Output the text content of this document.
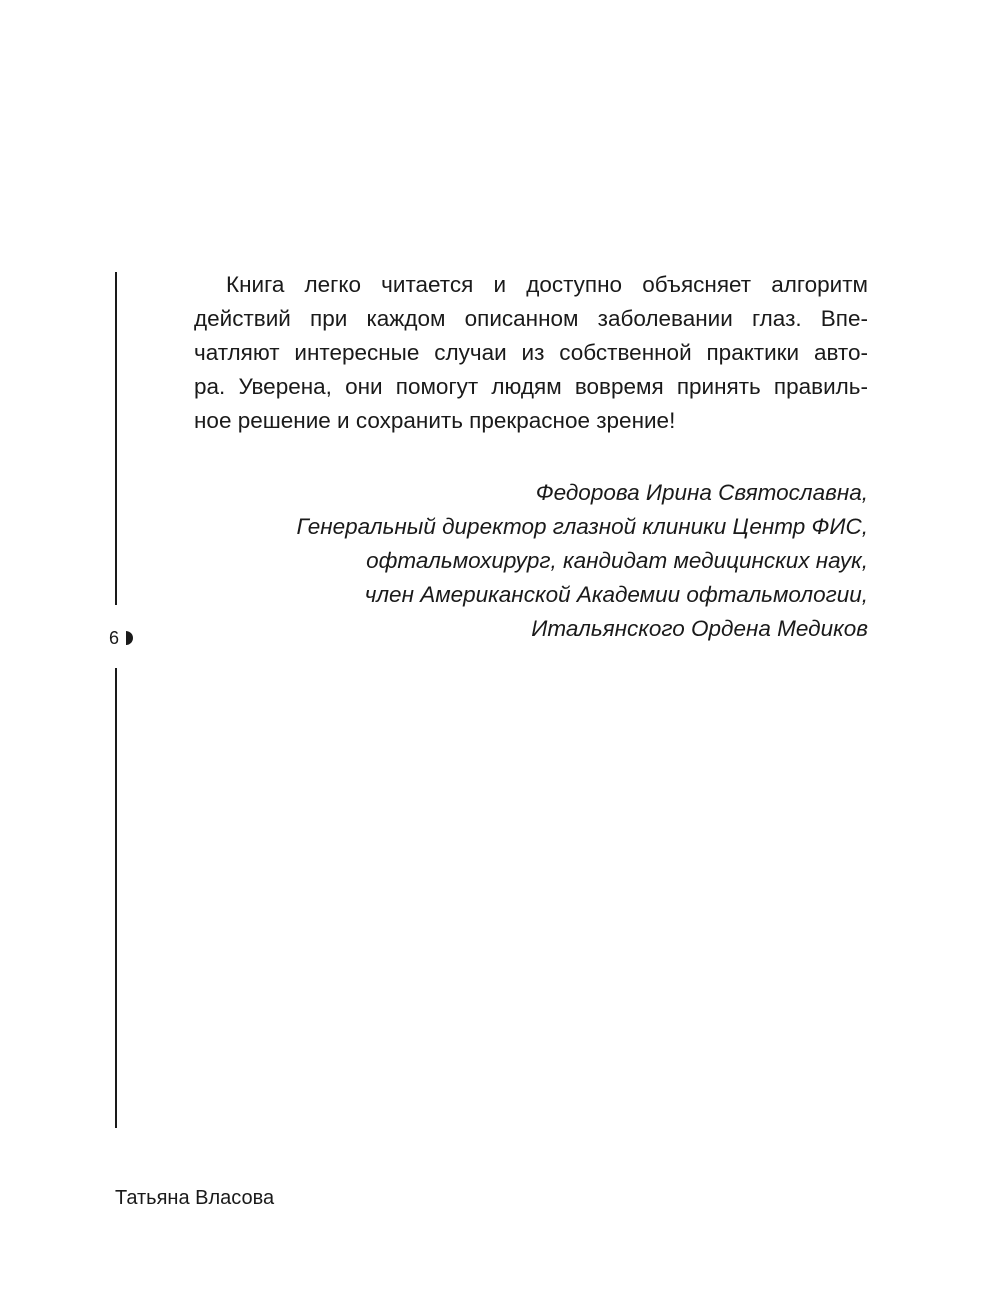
6
Книга легко читается и доступно объясняет алгоритм
действий при каждом описанном заболевании глаз. Впе-
чатляют интересные случаи из собственной практики авто-
ра. Уверена, они помогут людям вовремя принять правиль-
ное решение и сохранить прекрасное зрение!
Федорова Ирина Святославна,
Генеральный директор глазной клиники Центр ФИС,
офтальмохирург, кандидат медицинских наук,
член Американской Академии офтальмологии,
Итальянского Ордена Медиков
Татьяна Власова
